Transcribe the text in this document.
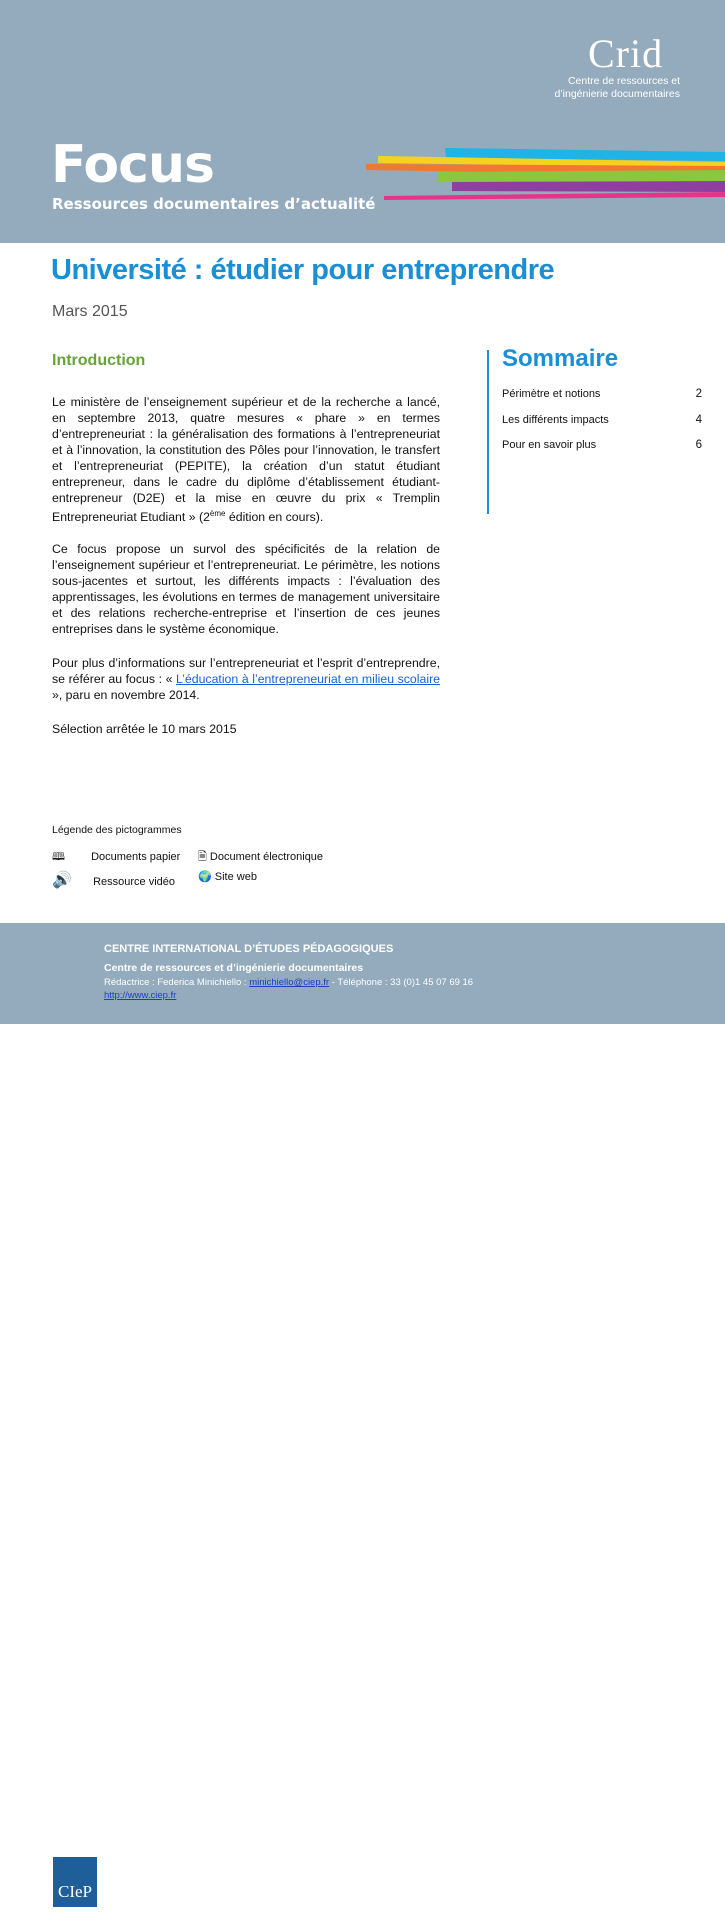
Crid
Centre de ressources et
d’ingénierie documentaires
Focus
Ressources documentaires d’actualité
Université : étudier pour entreprendre
Mars 2015
Introduction
Le ministère de l’enseignement supérieur et de la recherche a lancé, en septembre 2013, quatre mesures « phare » en termes d’entrepreneuriat : la généralisation des formations à l’entrepreneuriat et à l’innovation, la constitution des Pôles pour l’innovation, le transfert et l’entrepreneuriat (PEPITE), la création d’un statut étudiant entrepreneur, dans le cadre du diplôme d’établissement étudiant-entrepreneur (D2E) et la mise en œuvre du prix « Tremplin Entrepreneuriat Etudiant » (2ème édition en cours).
Ce focus propose un survol des spécificités de la relation de l’enseignement supérieur et l’entrepreneuriat. Le périmètre, les notions sous-jacentes et surtout, les différents impacts : l’évaluation des apprentissages, les évolutions en termes de management universitaire et des relations recherche-entreprise et l’insertion de ces jeunes entreprises dans le système économique.
Pour plus d’informations sur l’entrepreneuriat et l’esprit d’entreprendre, se référer au focus : « L’éducation à l’entrepreneuriat en milieu scolaire », paru en novembre 2014.
Sélection arrêtée le 10 mars 2015
Sommaire
Périmètre et notions	2
Les différents impacts	4
Pour en savoir plus	6
Légende des pictogrammes
🕮 Documents papier 🗎 Document électronique
🔊 Ressource vidéo 🌍 Site web
CIeP
CENTRE INTERNATIONAL D’ÉTUDES PÉDAGOGIQUES
Centre de ressources et d’ingénierie documentaires
Rédactrice : Federica Minichiello : minichiello@ciep.fr - Téléphone : 33 (0)1 45 07 69 16
http://www.ciep.fr
